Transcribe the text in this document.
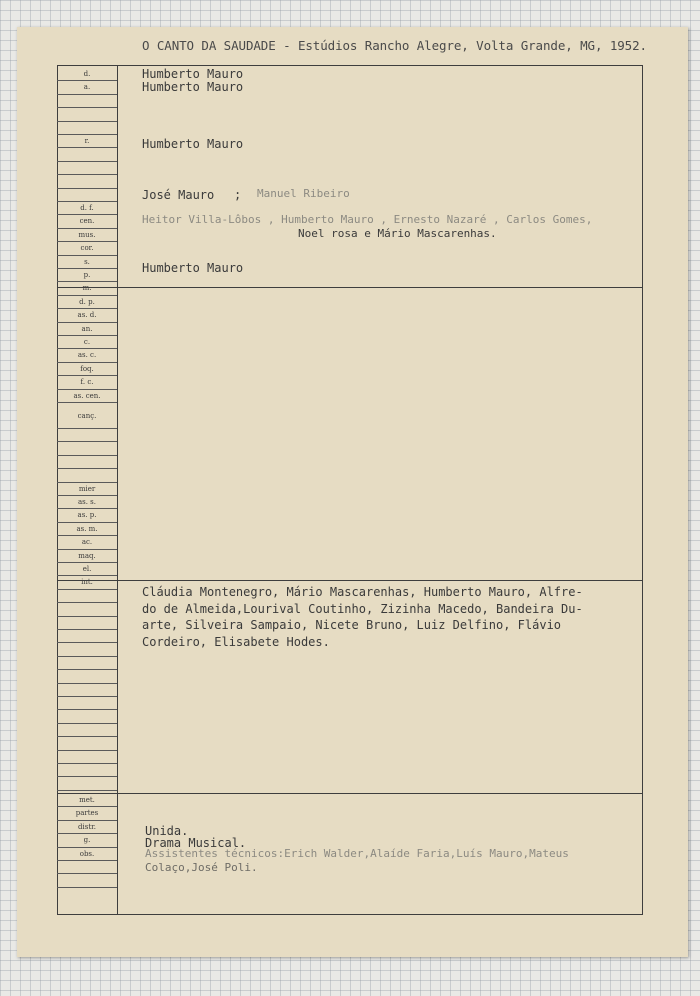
O CANTO DA SAUDADE - Estúdios Rancho Alegre, Volta Grande, MG, 1952.
d.
a.
r.
d. f.
cen.
mus.
cor.
s.
p.
m.
d. p.
as. d.
an.
c.
as. c.
foq.
f. c.
as. cen.
canç.
mier
as. s.
as. p.
as. m.
ac.
maq.
el.
int.
met.
partes
distr.
g.
obs.
Humberto Mauro
Humberto Mauro
Humberto Mauro
José Mauro ; Manuel Ribeiro
Heitor Villa-Lôbos , Humberto Mauro , Ernesto Nazaré , Carlos Gomes,
Noel rosa e Mário Mascarenhas.
Humberto Mauro
Cláudia Montenegro, Mário Mascarenhas, Humberto Mauro, Alfre-
do de Almeida,Lourival Coutinho, Zizinha Macedo, Bandeira Du-
arte, Silveira Sampaio, Nicete Bruno, Luiz Delfino, Flávio
Cordeiro, Elisabete Hodes.
Unida.
Drama Musical.
Assistentes técnicos:Erich Walder,Alaíde Faria,Luís Mauro,Mateus
Colaço,José Poli.
